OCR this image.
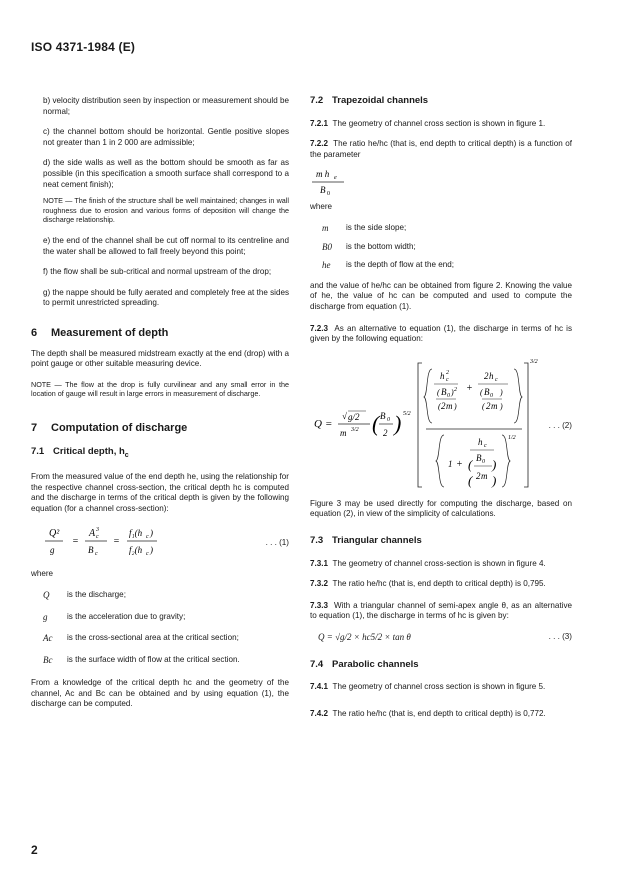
ISO 4371-1984 (E)

b) velocity distribution seen by inspection or measurement should be normal;

c) the channel bottom should be horizontal. Gentle positive slopes not greater than 1 in 2 000 are admissible;

d) the side walls as well as the bottom should be smooth as far as possible (in this specification a smooth surface shall correspond to a neat cement finish);

NOTE — The finish of the structure shall be well maintained; changes in wall roughness due to erosion and various forms of deposition will change the discharge relationship.

e) the end of the channel shall be cut off normal to its centreline and the water shall be allowed to fall freely beyond this point;

f) the flow shall be sub-critical and normal upstream of the drop;

g) the nappe should be fully aerated and completely free at the sides to permit unrestricted spreading.

6 Measurement of depth

The depth shall be measured midstream exactly at the end (drop) with a point gauge or other suitable measuring device.

NOTE — The flow at the drop is fully curvilinear and any small error in the location of gauge will result in large errors in measurement of discharge.

7 Computation of discharge

7.1 Critical depth, $h_c$

From the measured value of the end depth he, using the relationship for the respective channel cross-section, the critical depth hc is computed and the discharge in terms of the critical depth is given by the following equation (for a channel cross-section):

Q²
g
=
A 3
c
B c
=
f₁(h c )
f₂(h c )
. . . (1)

where

Q	is the discharge;
g	is the acceleration due to gravity;
Ac	is the cross-sectional area at the critical section;
Bc	is the surface width of flow at the critical section.

From a knowledge of the critical depth hc and the geometry of the channel, Ac and Bc can be obtained and by using equation (1), the discharge can be computed.

7.2 Trapezoidal channels

7.2.1 The geometry of channel cross section is shown in figure 1.

7.2.2 The ratio he/hc (that is, end depth to critical depth) is a function of the parameter

m h e
B 0

where

m	is the side slope;
B0	is the bottom width;
he	is the depth of flow at the end;

and the value of he/hc can be obtained from figure 2. Knowing the value of he, the value of hc can be computed and used to compute the discharge from equation (1).

7.2.3 As an alternative to equation (1), the discharge in terms of hc is given by the following equation:

Q =
√ g/2
m 3/2 ( B 0
2 ) 5/2
3/2
h 2
c
( B 0 ) 2
( 2 m )
+
2 h c
( B 0 )
( 2 m )
1/2
h c
1 + ( B 0
( 2 m )
)
. . . (2)

Figure 3 may be used directly for computing the discharge, based on equation (2), in view of the simplicity of calculations.

7.3 Triangular channels

7.3.1 The geometry of channel cross-section is shown in figure 4.

7.3.2 The ratio he/hc (that is, end depth to critical depth) is 0,795.

7.3.3 With a triangular channel of semi-apex angle θ, as an alternative to equation (1), the discharge in terms of hc is given by:

Q = √g/2 × hc5/2 × tan θ	. . . (3)

7.4 Parabolic channels

7.4.1 The geometry of channel cross section is shown in figure 5.

7.4.2 The ratio he/hc (that is, end depth to critical depth) is 0,772.

2
